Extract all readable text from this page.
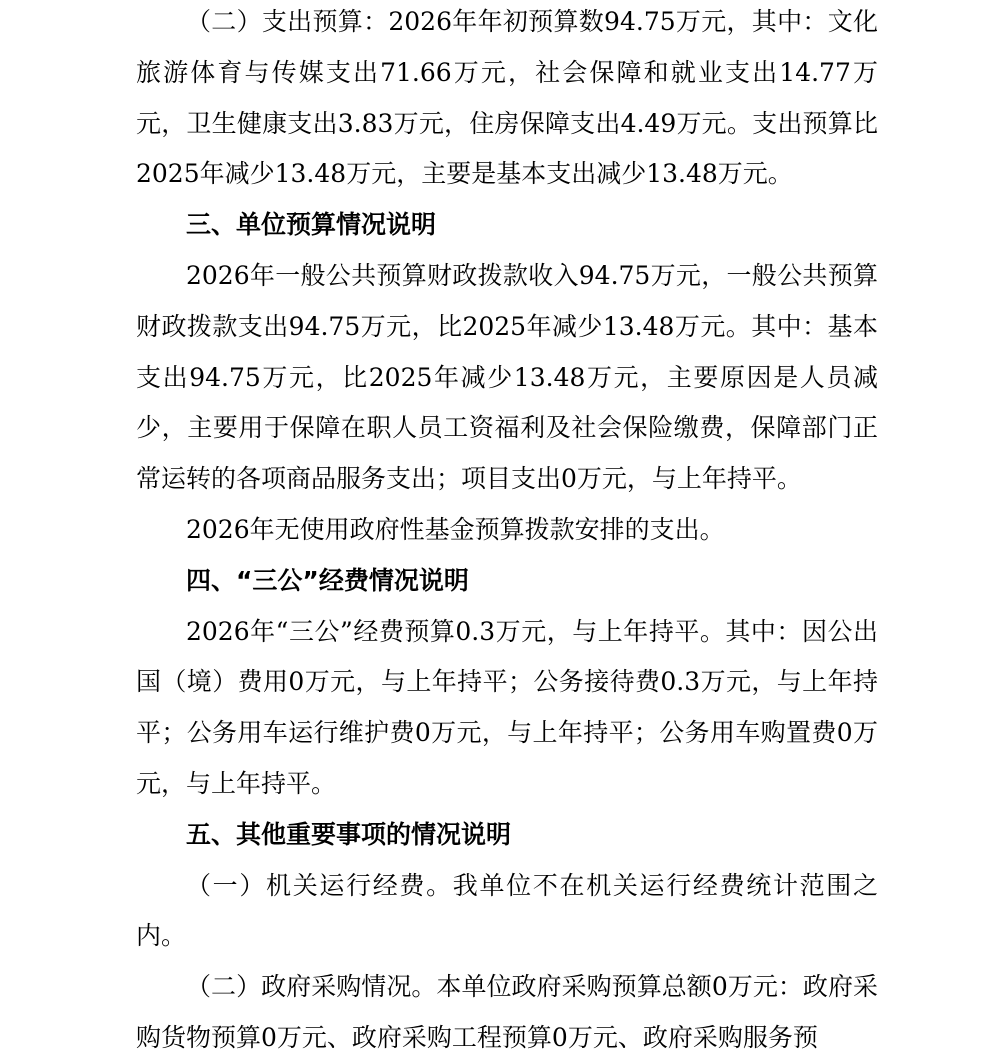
（二）支出预算：2026年年初预算数94.75万元，其中：文化旅游体育与传媒支出71.66万元，社会保障和就业支出14.77万元，卫生健康支出3.83万元，住房保障支出4.49万元。支出预算比2025年减少13.48万元，主要是基本支出减少13.48万元。

三、单位预算情况说明

2026年一般公共预算财政拨款收入94.75万元，一般公共预算财政拨款支出94.75万元，比2025年减少13.48万元。其中：基本支出94.75万元，比2025年减少13.48万元，主要原因是人员减少，主要用于保障在职人员工资福利及社会保险缴费，保障部门正常运转的各项商品服务支出；项目支出0万元，与上年持平。

2026年无使用政府性基金预算拨款安排的支出。

四、“三公”经费情况说明

2026年“三公”经费预算0.3万元，与上年持平。其中：因公出国（境）费用0万元，与上年持平；公务接待费0.3万元，与上年持平；公务用车运行维护费0万元，与上年持平；公务用车购置费0万元，与上年持平。

五、其他重要事项的情况说明

（一）机关运行经费。我单位不在机关运行经费统计范围之内。

（二）政府采购情况。本单位政府采购预算总额0万元：政府采购货物预算0万元、政府采购工程预算0万元、政府采购服务预
